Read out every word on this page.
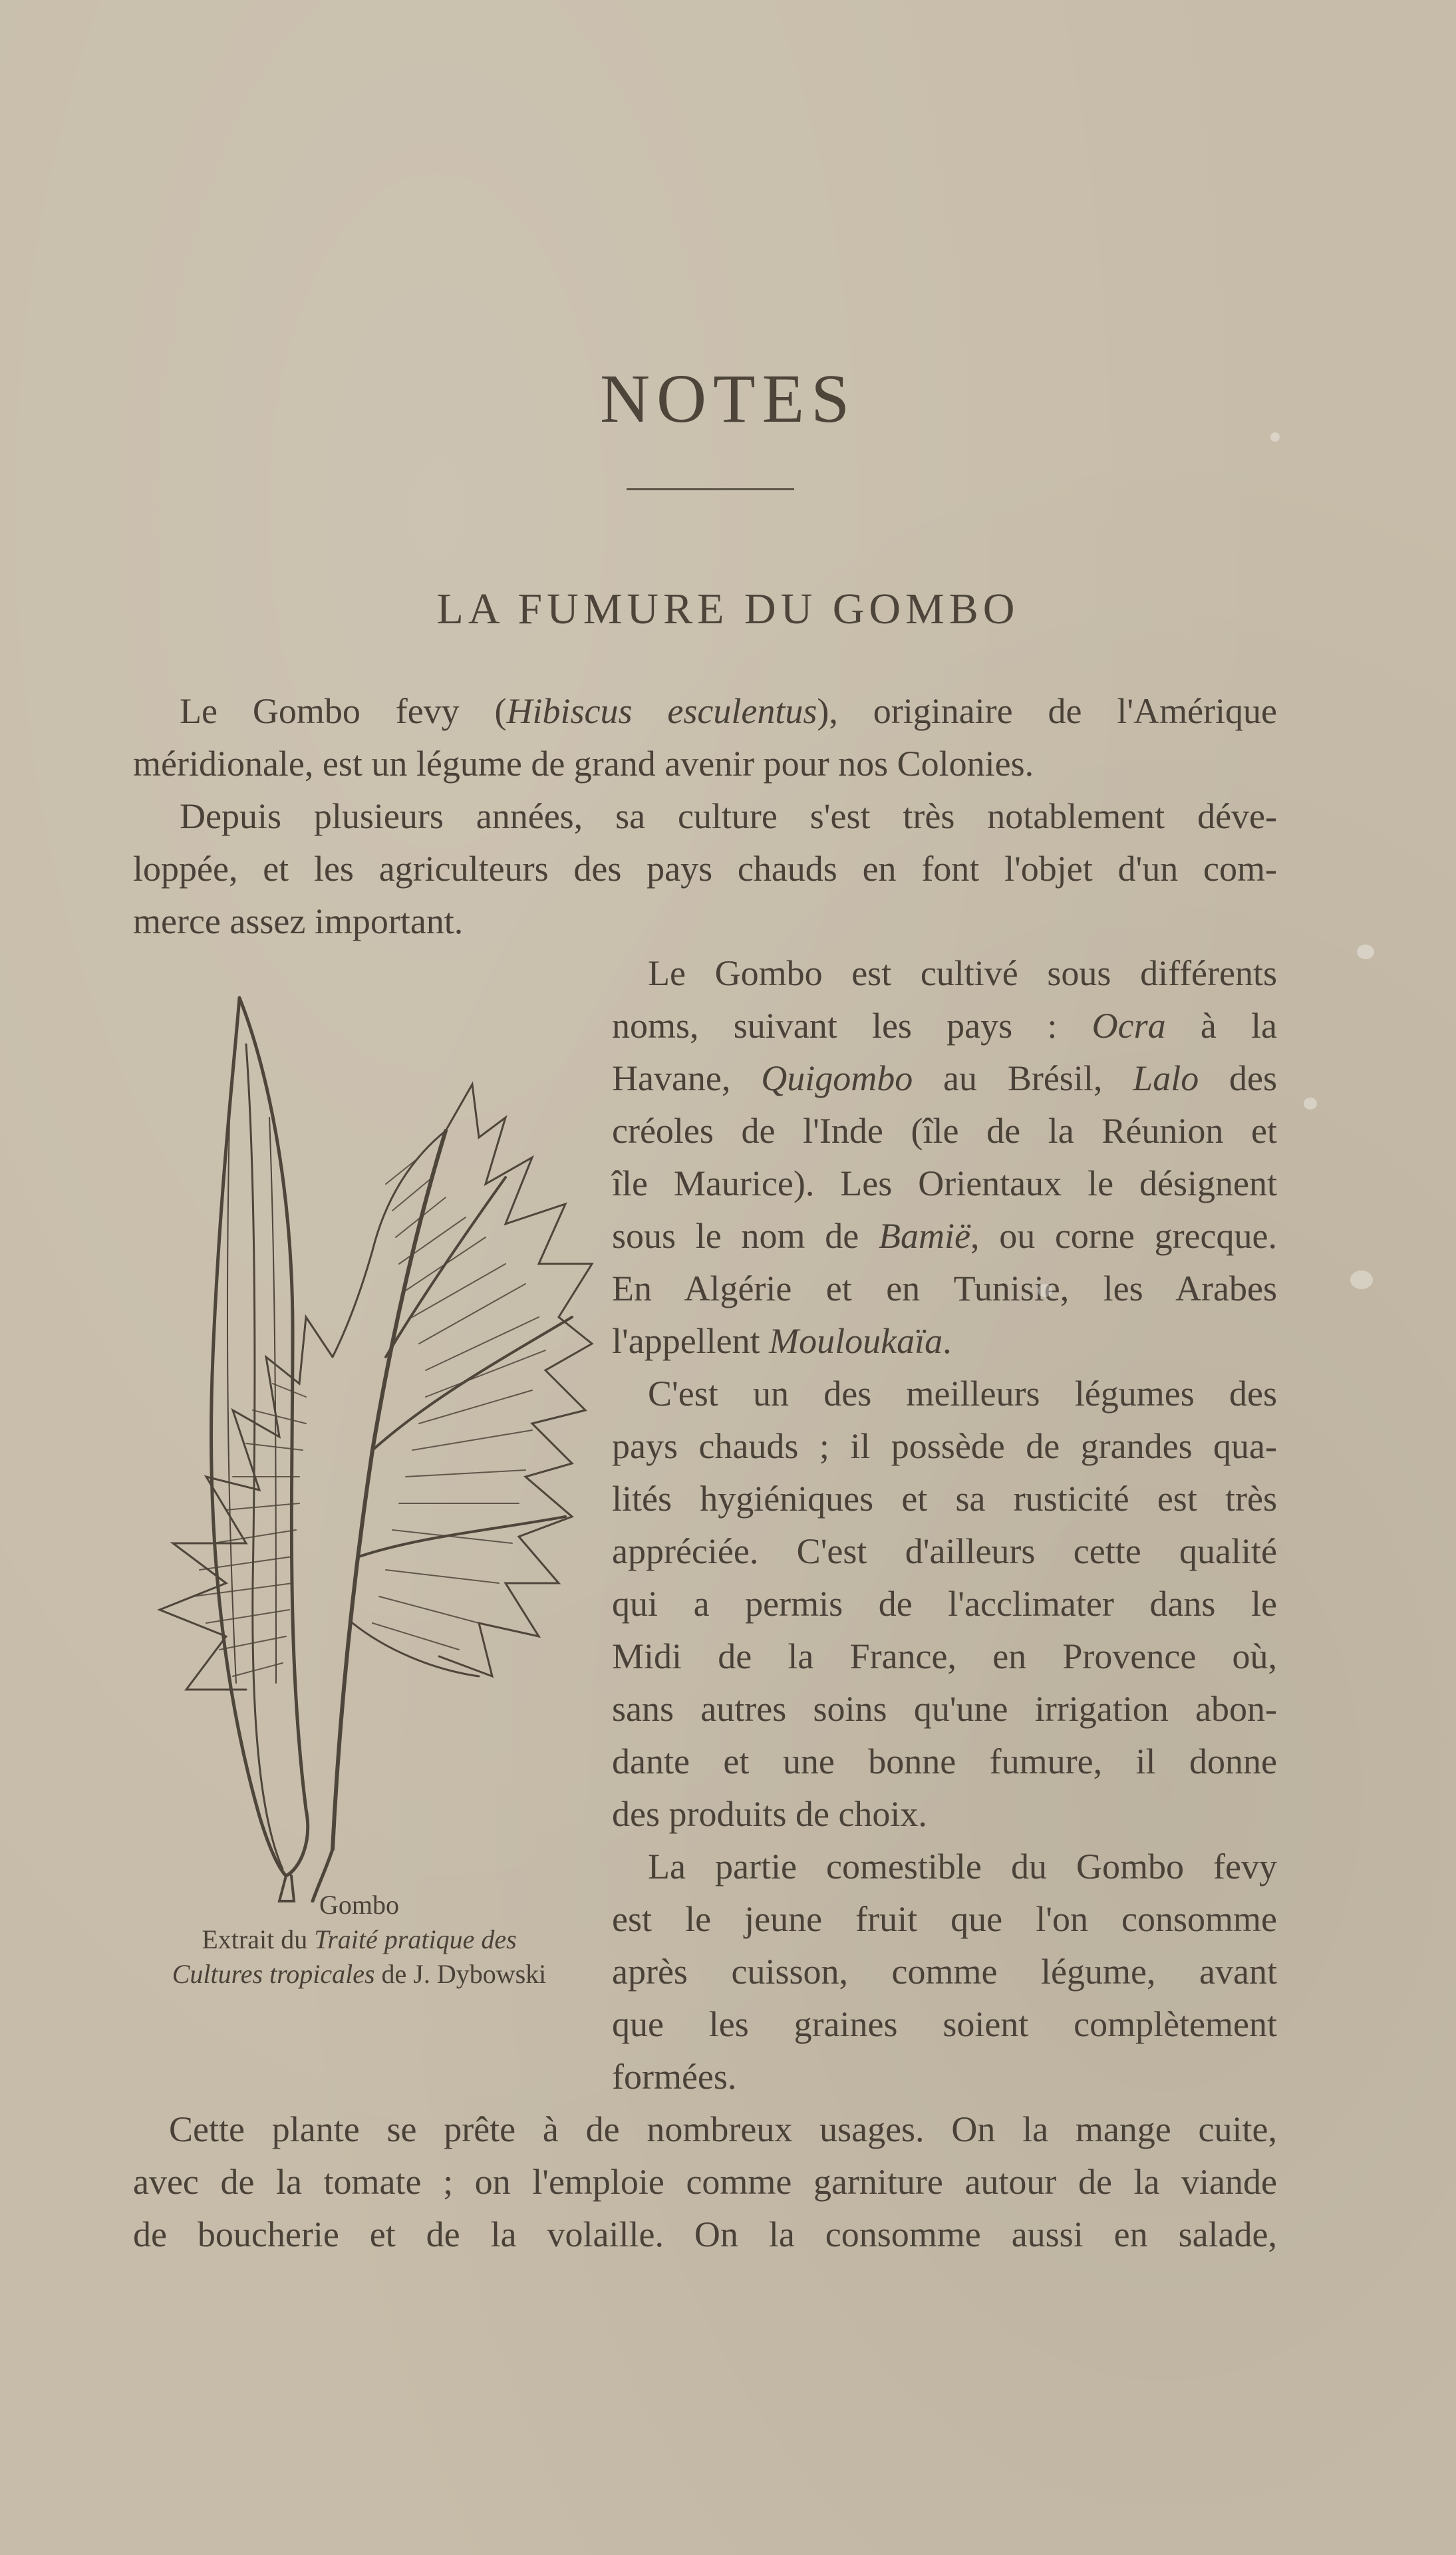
NOTES
LA FUMURE DU GOMBO
Le Gombo fevy (Hibiscus esculentus), originaire de l'Amérique
méridionale, est un légume de grand avenir pour nos Colonies.
Depuis plusieurs années, sa culture s'est très notablement déve-
loppée, et les agriculteurs des pays chauds en font l'objet d'un com-
merce assez important.
Le Gombo est cultivé sous différents
noms, suivant les pays : Ocra à la
Havane, Quigombo au Brésil, Lalo des
créoles de l'Inde (île de la Réunion et
île Maurice). Les Orientaux le désignent
sous le nom de Bamië, ou corne grecque.
En Algérie et en Tunisie, les Arabes
l'appellent Mouloukaïa.
C'est un des meilleurs légumes des
pays chauds ; il possède de grandes qua-
lités hygiéniques et sa rusticité est très
appréciée. C'est d'ailleurs cette qualité
qui a permis de l'acclimater dans le
Midi de la France, en Provence où,
sans autres soins qu'une irrigation abon-
dante et une bonne fumure, il donne
des produits de choix.
La partie comestible du Gombo fevy
est le jeune fruit que l'on consomme
après cuisson, comme légume, avant
que les graines soient complètement
formées.
Cette plante se prête à de nombreux usages. On la mange cuite,
avec de la tomate ; on l'emploie comme garniture autour de la viande
de boucherie et de la volaille. On la consomme aussi en salade,
Gombo
Extrait du Traité pratique des
Cultures tropicales de J. Dybowski
